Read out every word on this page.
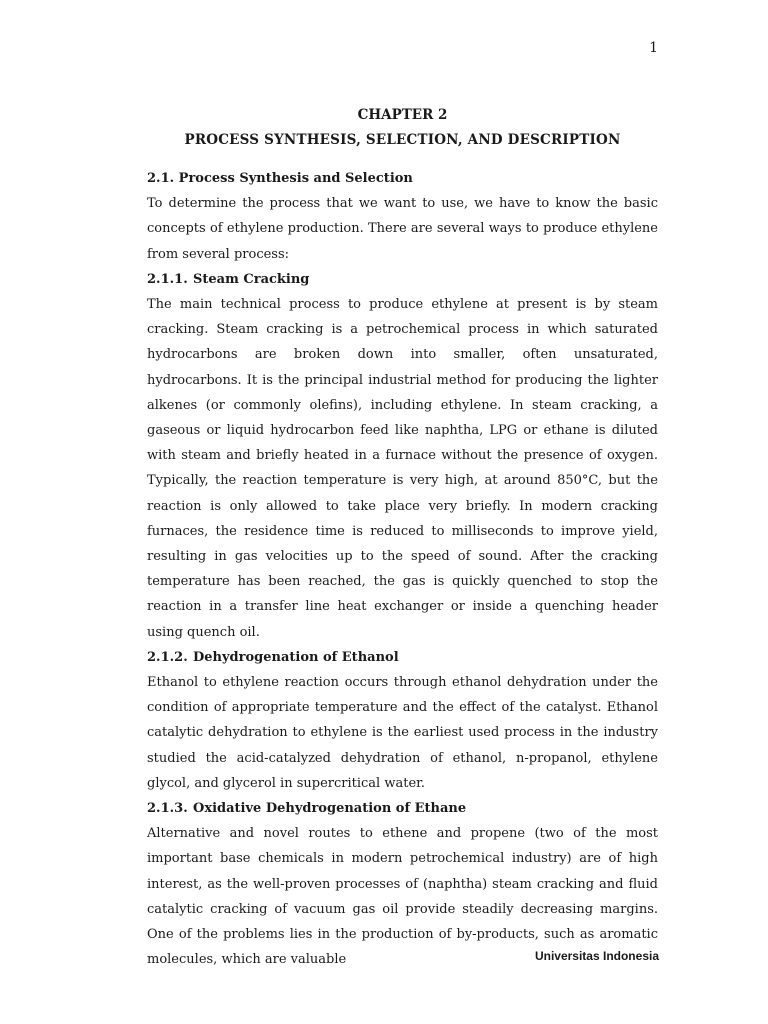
1
CHAPTER 2
PROCESS SYNTHESIS, SELECTION, AND DESCRIPTION
2.1. Process Synthesis and Selection

To determine the process that we want to use, we have to know the basic concepts of ethylene production. There are several ways to produce ethylene from several process:

2.1.1. Steam Cracking

The main technical process to produce ethylene at present is by steam cracking. Steam cracking is a petrochemical process in which saturated hydrocarbons are broken down into smaller, often unsaturated, hydrocarbons. It is the principal industrial method for producing the lighter alkenes (or commonly olefins), including ethylene. In steam cracking, a gaseous or liquid hydrocarbon feed like naphtha, LPG or ethane is diluted with steam and briefly heated in a furnace without the presence of oxygen. Typically, the reaction temperature is very high, at around 850°C, but the reaction is only allowed to take place very briefly. In modern cracking furnaces, the residence time is reduced to milliseconds to improve yield, resulting in gas velocities up to the speed of sound. After the cracking temperature has been reached, the gas is quickly quenched to stop the reaction in a transfer line heat exchanger or inside a quenching header using quench oil.

2.1.2. Dehydrogenation of Ethanol

Ethanol to ethylene reaction occurs through ethanol dehydration under the condition of appropriate temperature and the effect of the catalyst. Ethanol catalytic dehydration to ethylene is the earliest used process in the industry studied the acid-catalyzed dehydration of ethanol, n-propanol, ethylene glycol, and glycerol in supercritical water.

2.1.3. Oxidative Dehydrogenation of Ethane

Alternative and novel routes to ethene and propene (two of the most important base chemicals in modern petrochemical industry) are of high interest, as the well-proven processes of (naphtha) steam cracking and fluid catalytic cracking of vacuum gas oil provide steadily decreasing margins. One of the problems lies in the production of by-products, such as aromatic molecules, which are valuable	Universitas Indonesia
